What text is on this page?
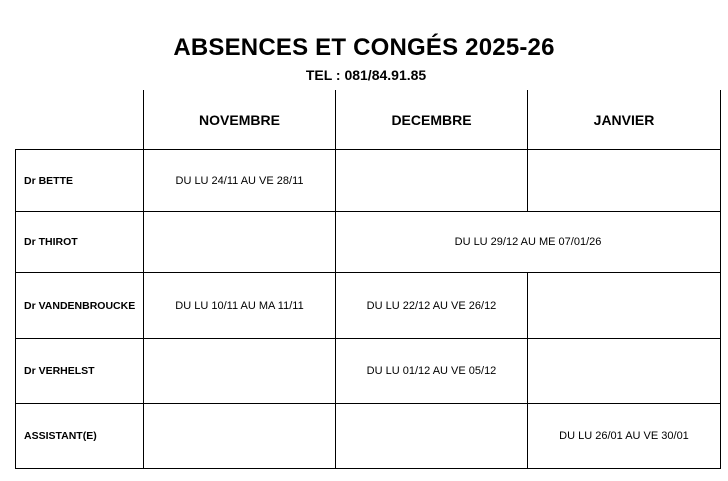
ABSENCES ET CONGÉS 2025-26
TEL : 081/84.91.85
	NOVEMBRE	DECEMBRE	JANVIER
Dr BETTE	DU LU 24/11 AU VE 28/11		
Dr THIROT		DU LU 29/12 AU ME 07/01/26	
Dr VANDENBROUCKE	DU LU 10/11 AU MA 11/11	DU LU 22/12 AU VE 26/12	
Dr VERHELST		DU LU 01/12 AU VE 05/12	
ASSISTANT(E)			DU LU 26/01 AU VE 30/01
